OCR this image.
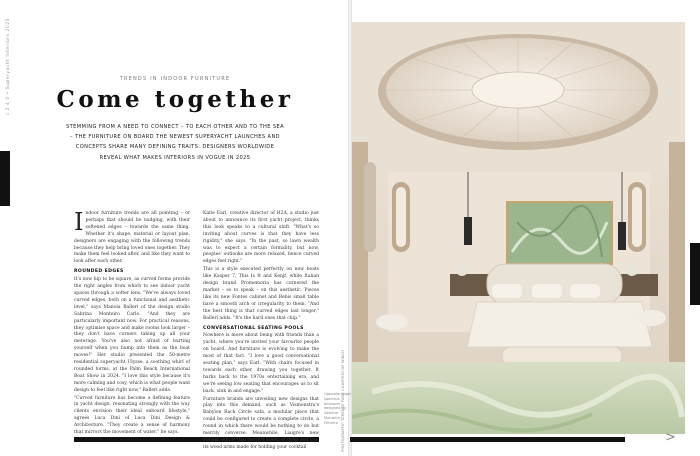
c 2 4 0 • Superyacht Interiors 2025	TRENDS IN INDOOR FURNITURE
Come together
STEMMING FROM A NEED TO CONNECT – TO EACH OTHER AND TO THE SEA – THE FURNITURE ON BOARD THE NEWEST SUPERYACHT LAUNCHES AND CONCEPTS SHARE MANY DEFINING TRAITS. DESIGNERS WORLDWIDE REVEAL WHAT MAKES INTERIORS IN VOGUE IN 2025

Indoor furniture trends are all pointing – or perhaps that should be nudging, with their softened edges – towards the same thing. Whether it's shape, material or layout plan, designers are engaging with the following trends because they help bring loved ones together. They make them feel looked after, and like they want to look after each other.

ROUNDED EDGES

It's now hip to be square, as curved forms provide the right angles from which to see indoor yacht spaces through a softer lens. "We've always loved curved edges, both on a functional and aesthetic level," says Manola Balleri of the design studio Sabrina Monteiro Carlo. "And they are particularly important now. For practical reasons, they optimise space and make rooms look larger – they don't have corners taking up all your meterage. You've also not afraid of hurting yourself when you bump into them as the boat moves!" Her studio presented the 50-metre residential superyacht Ulysse, a soothing whirl of rounded forms, at the Palm Beach International Boat Show in 2024. "I love this style because it's more calming and cosy, which is what people want design to feel like right now," Balleri adds.

"Curved furniture has become a defining feature in yacht design, resonating strongly with the way clients envision their ideal onboard lifestyle," agrees Luca Dini of Luca Dini Design & Architecture. "They create a sense of harmony that mirrors the movement of water," he says.

Katie Earl, creative director of H2A, a studio just about to announce its first yacht project, thinks this look speaks to a cultural shift. "What's so inviting about curves is that they have less rigidity," she says. "In the past, so lawn wealth was to expect a certain formality, but now, peoples' outlooks are more relaxed, hence curved edges feel right."

This is a style executed perfectly on new boats like Kasper 7, This Is It and Kenjf, while Italian design brand Promemoria has cornered the market – so to speak – on this aesthetic. Pieces like its new Fontes cabinet and Rebis small table have a smooth arch or irregularity to them. "And the best thing is that curved edges last longer," Balleri adds. "It's the hard ones that chip."

CONVERSATIONAL SEATING POOLS

Nowhere is more about being with friends than a yacht, where you're invited your favourite people on board. And furniture is evolving to make the most of that fact. "I love a good conversational seating plan," says Earl. "With chairs focused in towards each other, drawing you together. It harks back to the 1970s entertaining era, and we're seeing low seating that encourages us to sit back, sink in and engage."

Furniture brands are unveiling new designs that play into this demand, such as Vismonstra's Babylon Rack Circle sofa, a modular piece that could be configured to create a complete circle, a round in which there would be nothing to do but merrily converse. Meanwhile, Liaigre's new Belaga sofa is that perfect blend of deep and low, its wood arms made for holding your cocktail	PHOTOGRAPHY: TERENCE PAGE COURTESY OF WINCH
Opposite page: spacious bedroom designed by Sabrina Monteiro Ferreira
>
